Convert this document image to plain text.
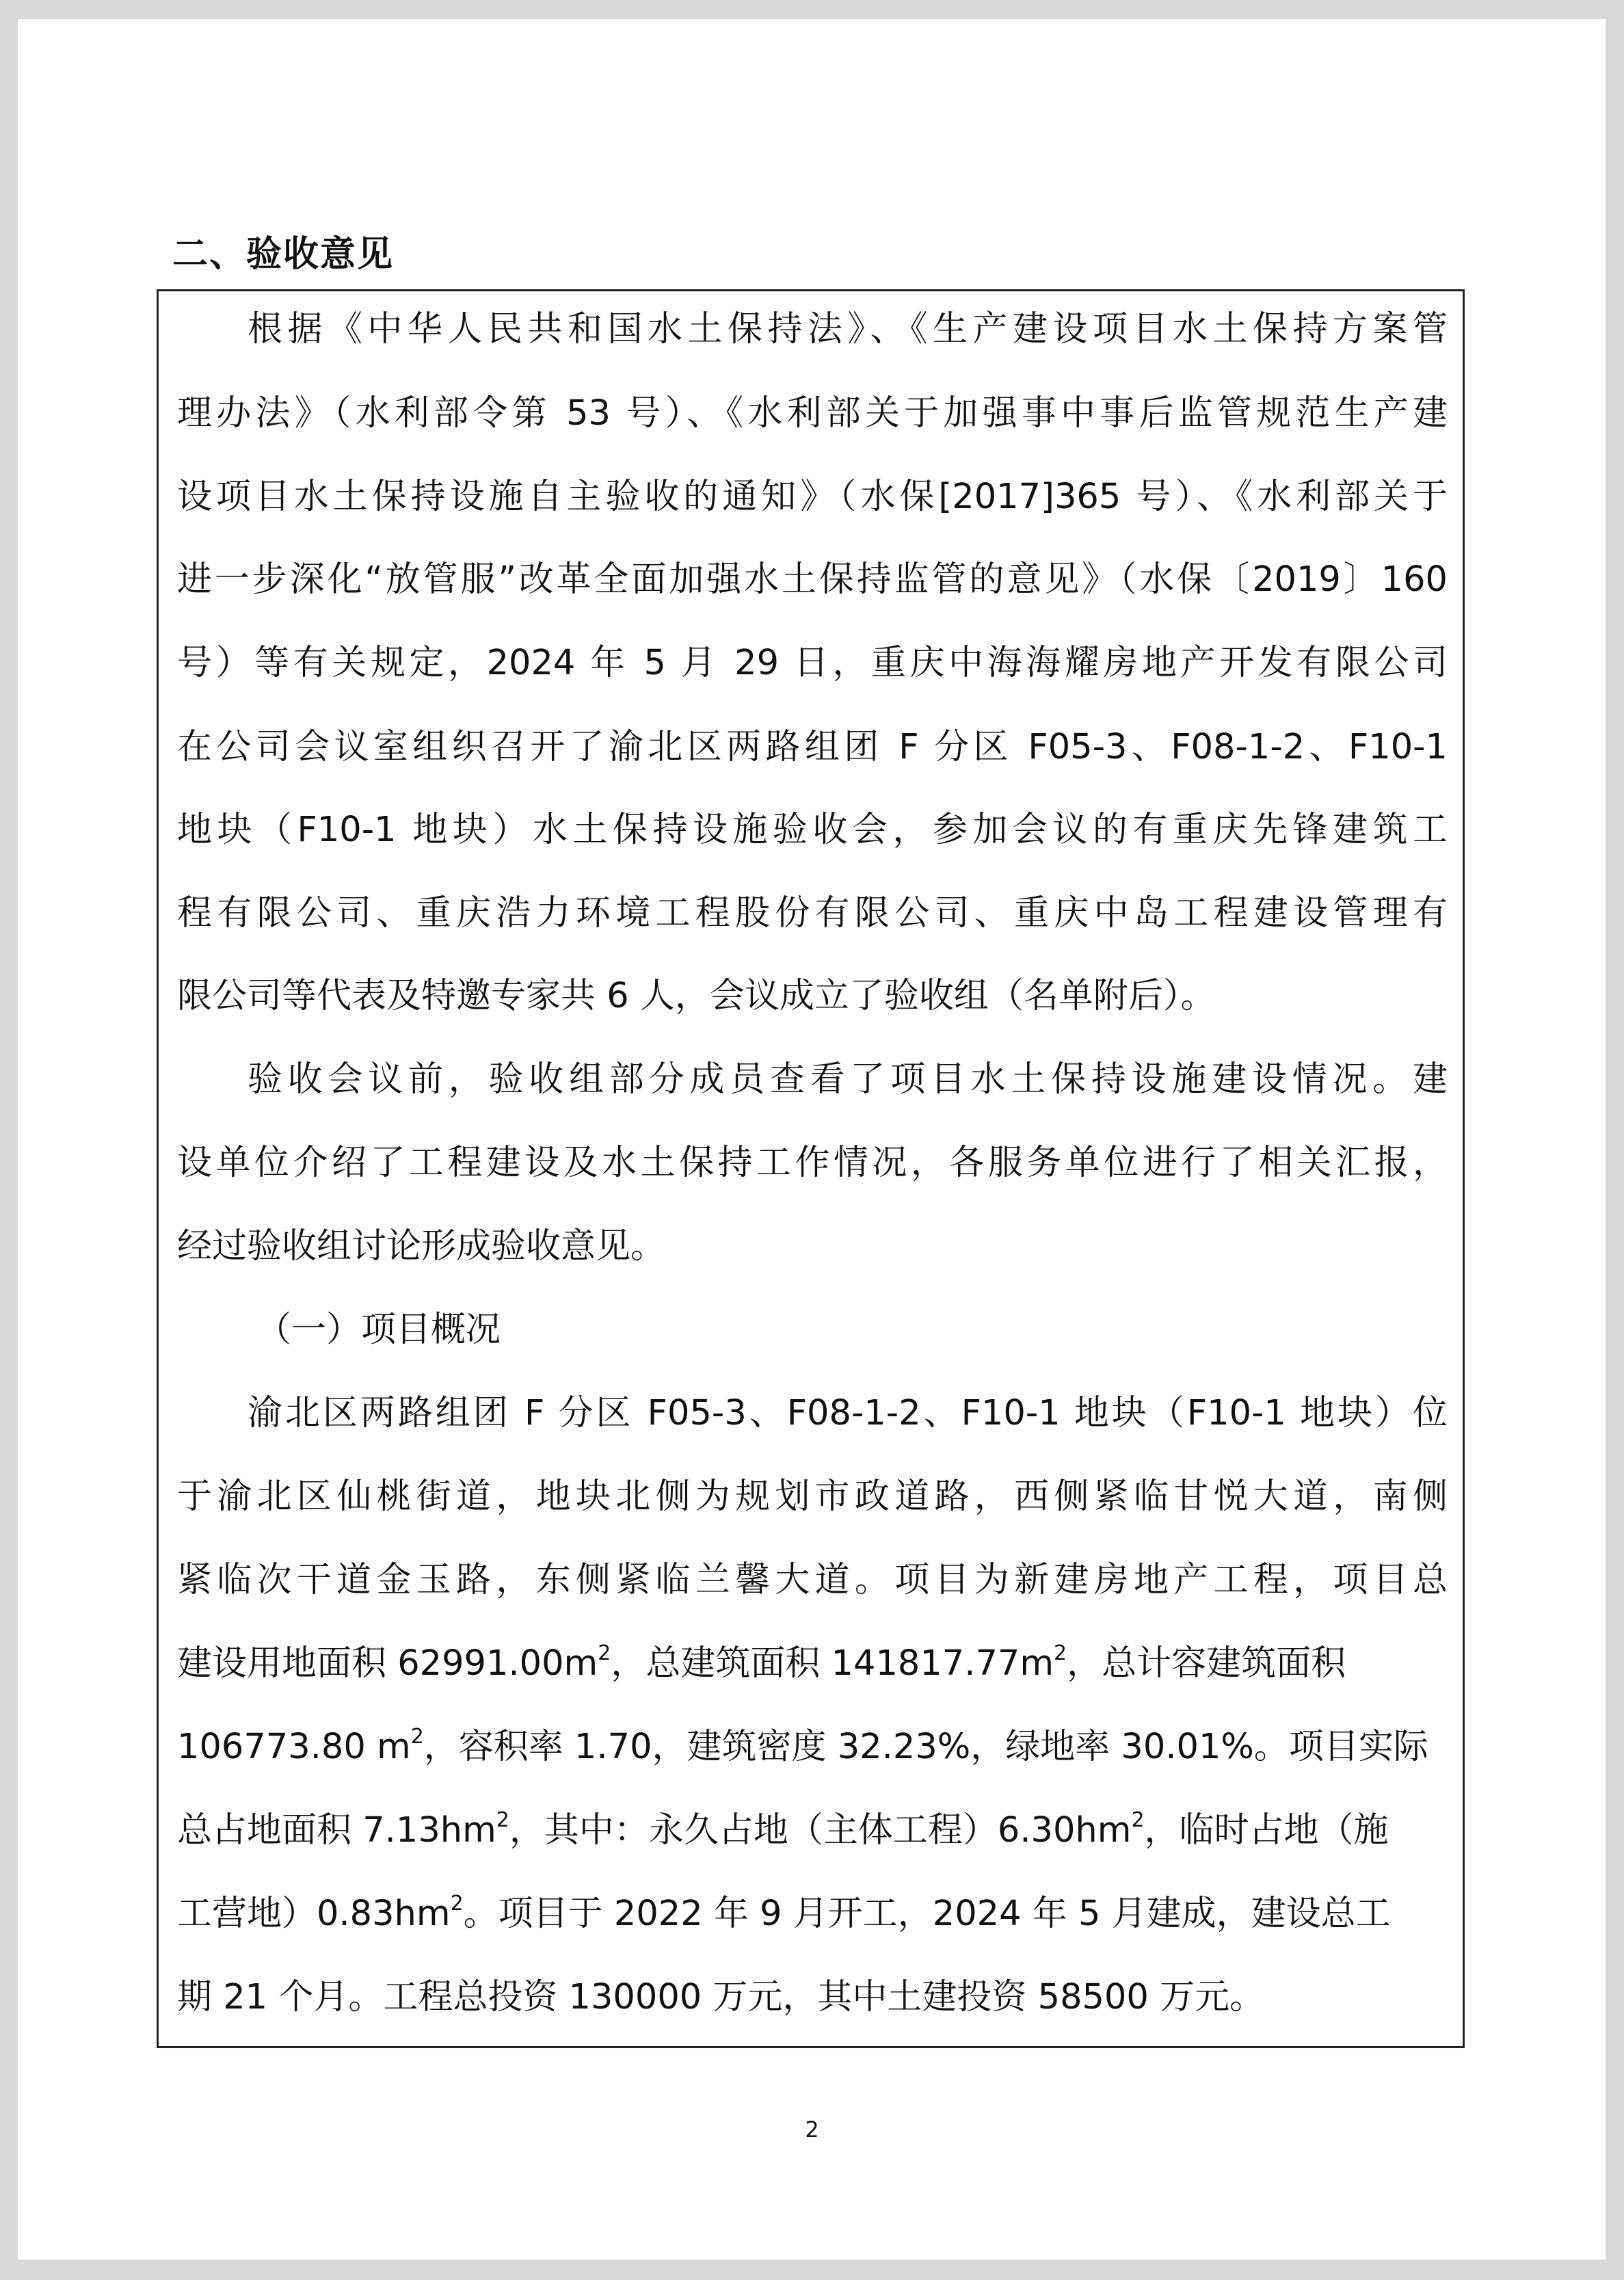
二、验收意见
根据《中华人民共和国水土保持法》、《生产建设项目水土保持方案管
理办法》（水利部令第 53 号）、《水利部关于加强事中事后监管规范生产建
设项目水土保持设施自主验收的通知》（水保[2017]365 号）、《水利部关于
进一步深化“放管服”改革全面加强水土保持监管的意见》（水保〔2019〕160
号）等有关规定，2024 年 5 月 29 日，重庆中海海耀房地产开发有限公司
在公司会议室组织召开了渝北区两路组团 F 分区 F05-3、F08-1-2、F10-1
地块（F10-1 地块）水土保持设施验收会，参加会议的有重庆先锋建筑工
程有限公司、重庆浩力环境工程股份有限公司、重庆中岛工程建设管理有
限公司等代表及特邀专家共 6 人，会议成立了验收组（名单附后）。
验收会议前，验收组部分成员查看了项目水土保持设施建设情况。建
设单位介绍了工程建设及水土保持工作情况，各服务单位进行了相关汇报，
经过验收组讨论形成验收意见。
（一）项目概况
渝北区两路组团 F 分区 F05-3、F08-1-2、F10-1 地块（F10-1 地块）位
于渝北区仙桃街道，地块北侧为规划市政道路，西侧紧临甘悦大道，南侧
紧临次干道金玉路，东侧紧临兰馨大道。项目为新建房地产工程，项目总
建设用地面积 $62991.00m^2$，总建筑面积 $141817.77m^2$，总计容建筑面积
106773.80 $m^2$，容积率 1.70，建筑密度 32.23%，绿地率 30.01%。项目实际
总占地面积 $7.13hm^2$，其中：永久占地（主体工程）$6.30hm^2$，临时占地（施
工营地）$0.83hm^2$。项目于 2022 年 9 月开工，2024 年 5 月建成，建设总工
期 21 个月。工程总投资 130000 万元，其中土建投资 58500 万元。
2
